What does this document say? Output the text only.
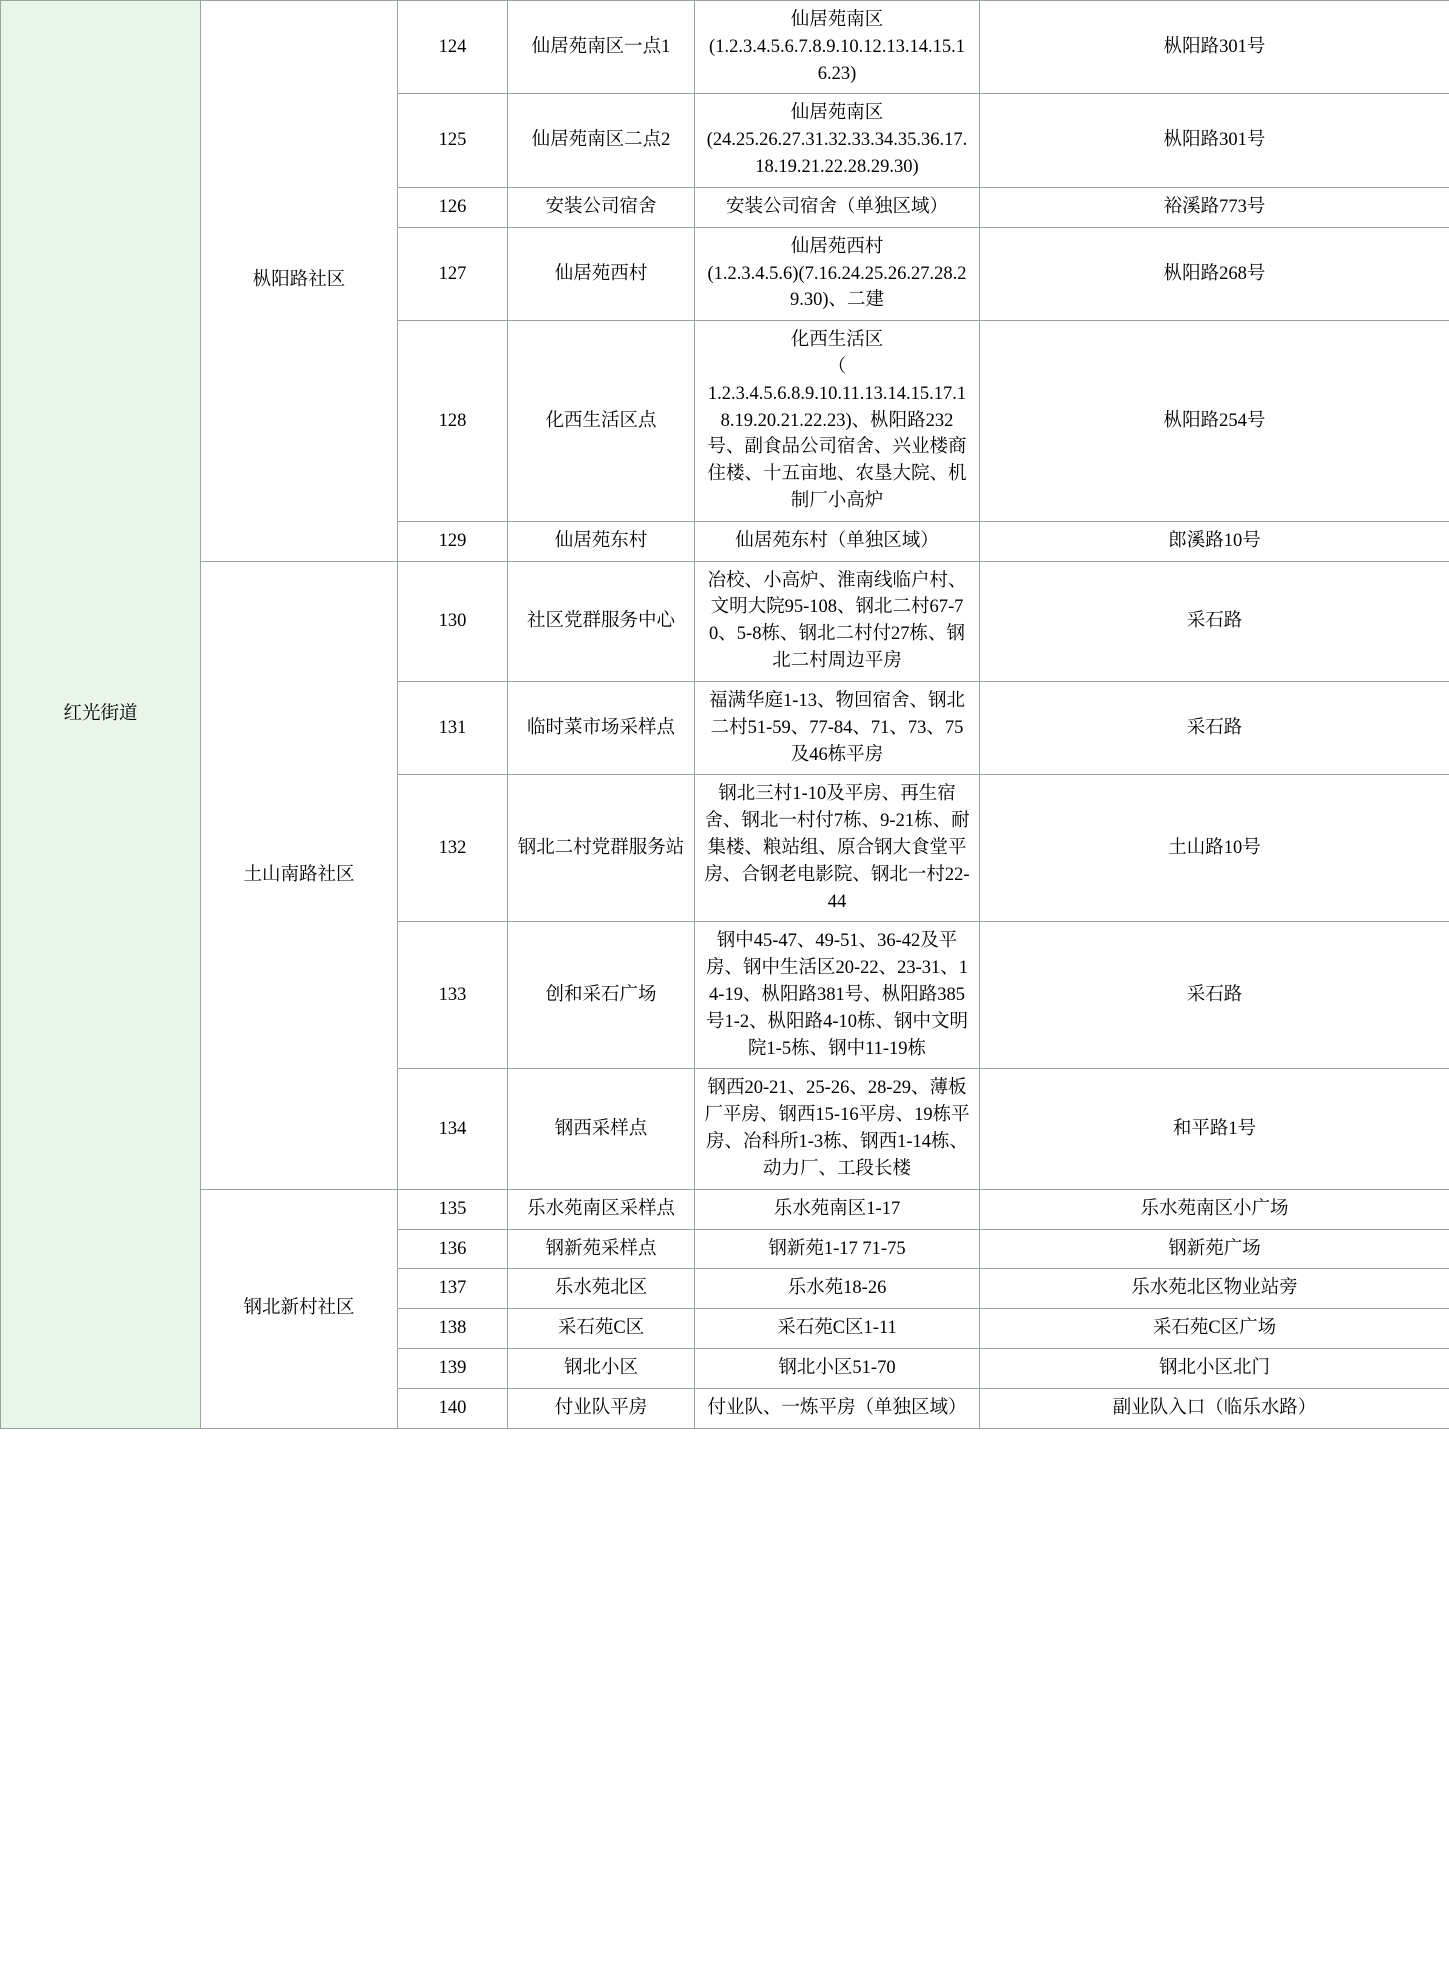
红光街道	枞阳路社区	124	仙居苑南区一点1	仙居苑南区
(1.2.3.4.5.6.7.8.9.10.12.13.14.15.16.23)	枞阳路301号
		125	仙居苑南区二点2	仙居苑南区
(24.25.26.27.31.32.33.34.35.36.17.18.19.21.22.28.29.30)	枞阳路301号
		126	安装公司宿舍	安装公司宿舍（单独区域）	裕溪路773号
		127	仙居苑西村	仙居苑西村
(1.2.3.4.5.6)(7.16.24.25.26.27.28.29.30)、二建	枞阳路268号
		128	化西生活区点	化西生活区
（
1.2.3.4.5.6.8.9.10.11.13.14.15.17.18.19.20.21.22.23)、枞阳路232号、副食品公司宿舍、兴业楼商住楼、十五亩地、农垦大院、机制厂小高炉	枞阳路254号
		129	仙居苑东村	仙居苑东村（单独区域）	郎溪路10号
	土山南路社区	130	社区党群服务中心	冶校、小高炉、淮南线临户村、文明大院95-108、钢北二村67-70、5-8栋、钢北二村付27栋、钢北二村周边平房	采石路
		131	临时菜市场采样点	福满华庭1-13、物回宿舍、钢北二村51-59、77-84、71、73、75及46栋平房	采石路
		132	钢北二村党群服务站	钢北三村1-10及平房、再生宿舍、钢北一村付7栋、9-21栋、耐集楼、粮站组、原合钢大食堂平房、合钢老电影院、钢北一村22-44	土山路10号
		133	创和采石广场	钢中45-47、49-51、36-42及平房、钢中生活区20-22、23-31、14-19、枞阳路381号、枞阳路385号1-2、枞阳路4-10栋、钢中文明院1-5栋、钢中11-19栋	采石路
		134	钢西采样点	钢西20-21、25-26、28-29、薄板厂平房、钢西15-16平房、19栋平房、冶科所1-3栋、钢西1-14栋、动力厂、工段长楼	和平路1号
	钢北新村社区	135	乐水苑南区采样点	乐水苑南区1-17	乐水苑南区小广场
		136	钢新苑采样点	钢新苑1-17 71-75	钢新苑广场
		137	乐水苑北区	乐水苑18-26	乐水苑北区物业站旁
		138	采石苑C区	采石苑C区1-11	采石苑C区广场
		139	钢北小区	钢北小区51-70	钢北小区北门
		140	付业队平房	付业队、一炼平房（单独区域）	副业队入口（临乐水路）
